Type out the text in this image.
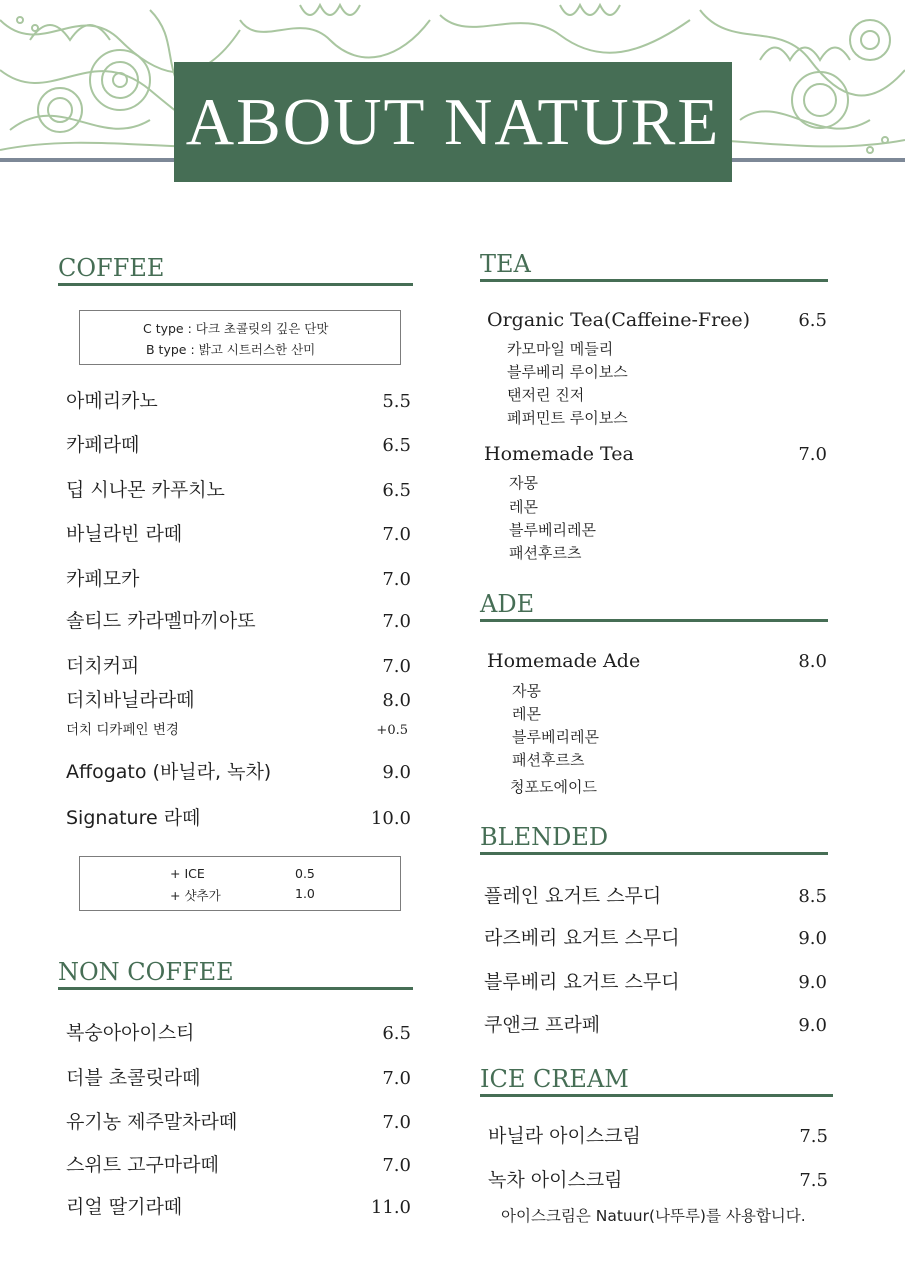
ABOUT NATURE
COFFEE
C type : 다크 초콜릿의 깊은 단맛
B type : 밝고 시트러스한 산미
아메리카노	5.5
카페라떼	6.5
딥 시나몬 카푸치노	6.5
바닐라빈 라떼	7.0
카페모카	7.0
솔티드 카라멜마끼아또	7.0
더치커피	7.0
더치바닐라라떼	8.0
더치 디카페인 변경	+0.5
Affogato (바닐라, 녹차)	9.0
Signature 라떼	10.0
+ ICE	0.5
+ 샷추가	1.0
NON COFFEE
복숭아아이스티	6.5
더블 초콜릿라떼	7.0
유기농 제주말차라떼	7.0
스위트 고구마라떼	7.0
리얼 딸기라떼	11.0
TEA
Organic Tea(Caffeine-Free)	6.5
카모마일 메들리
블루베리 루이보스
탠저린 진저
페퍼민트 루이보스
Homemade Tea	7.0
자몽
레몬
블루베리레몬
패션후르츠
ADE
Homemade Ade	8.0
자몽
레몬
블루베리레몬
패션후르츠
청포도에이드
BLENDED
플레인 요거트 스무디	8.5
라즈베리 요거트 스무디	9.0
블루베리 요거트 스무디	9.0
쿠앤크 프라페	9.0
ICE CREAM
바닐라 아이스크림	7.5
녹차 아이스크림	7.5
아이스크림은 Natuur(나뚜루)를 사용합니다.
